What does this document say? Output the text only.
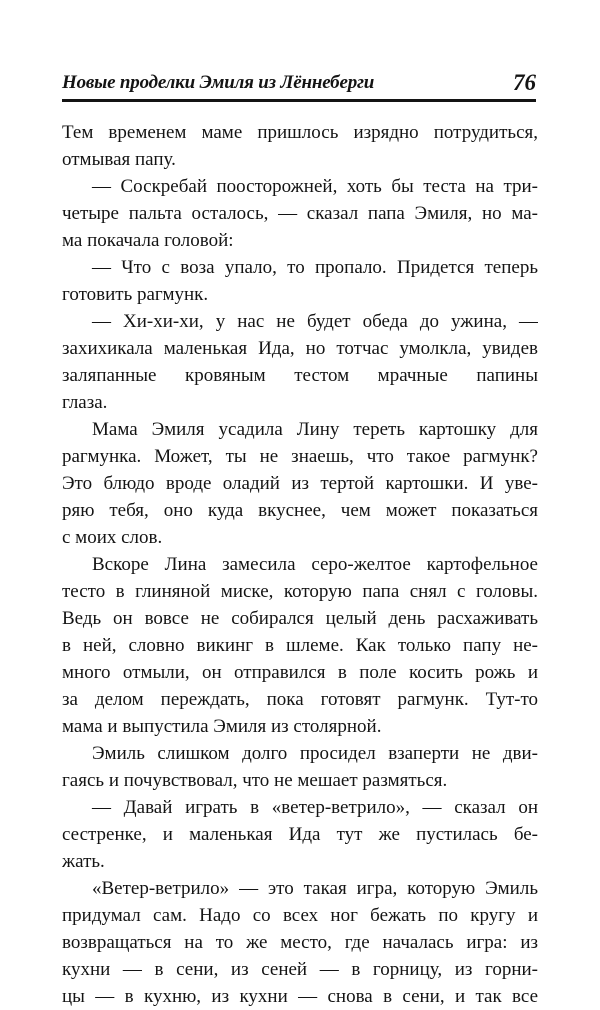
Новые проделки Эмиля из Лённеберги	76
Тем временем маме пришлось изрядно потрудиться,
отмывая папу.
— Соскребай поосторожней, хоть бы теста на три-
четыре пальта осталось, — сказал папа Эмиля, но ма-
ма покачала головой:
— Что с воза упало, то пропало. Придется теперь
готовить рагмунк.
— Хи-хи-хи, у нас не будет обеда до ужина, —
захихикала маленькая Ида, но тотчас умолкла, увидев
заляпанные кровяным тестом мрачные папины
глаза.
Мама Эмиля усадила Лину тереть картошку для
рагмунка. Может, ты не знаешь, что такое рагмунк?
Это блюдо вроде оладий из тертой картошки. И уве-
ряю тебя, оно куда вкуснее, чем может показаться
с моих слов.
Вскоре Лина замесила серо-желтое картофельное
тесто в глиняной миске, которую папа снял с головы.
Ведь он вовсе не собирался целый день расхаживать
в ней, словно викинг в шлеме. Как только папу не-
много отмыли, он отправился в поле косить рожь и
за делом переждать, пока готовят рагмунк. Тут-то
мама и выпустила Эмиля из столярной.
Эмиль слишком долго просидел взаперти не дви-
гаясь и почувствовал, что не мешает размяться.
— Давай играть в «ветер-ветрило», — сказал он
сестренке, и маленькая Ида тут же пустилась бе-
жать.
«Ветер-ветрило» — это такая игра, которую Эмиль
придумал сам. Надо со всех ног бежать по кругу и
возвращаться на то же место, где началась игра: из
кухни — в сени, из сеней — в горницу, из горни-
цы — в кухню, из кухни — снова в сени, и так все
